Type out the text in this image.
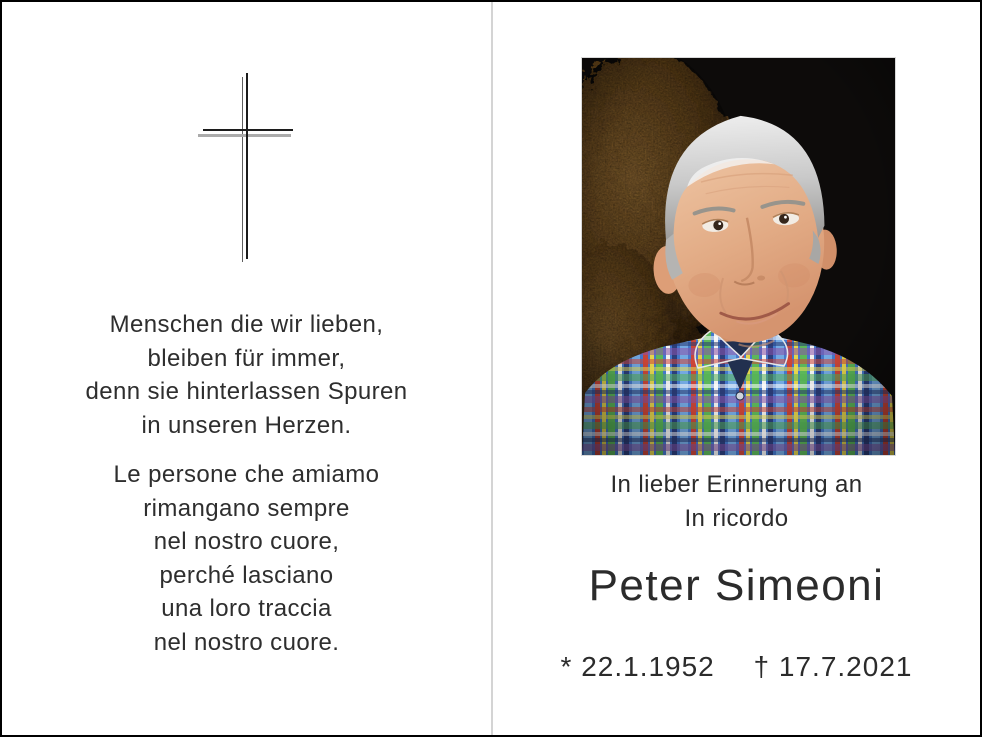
Menschen die wir lieben,
bleiben für immer,
denn sie hinterlassen Spuren
in unseren Herzen.
Le persone che amiamo
rimangano sempre
nel nostro cuore,
perché lasciano
una loro traccia
nel nostro cuore.
In lieber Erinnerung an
In ricordo
Peter Simeoni
* 22.1.1952 † 17.7.2021
